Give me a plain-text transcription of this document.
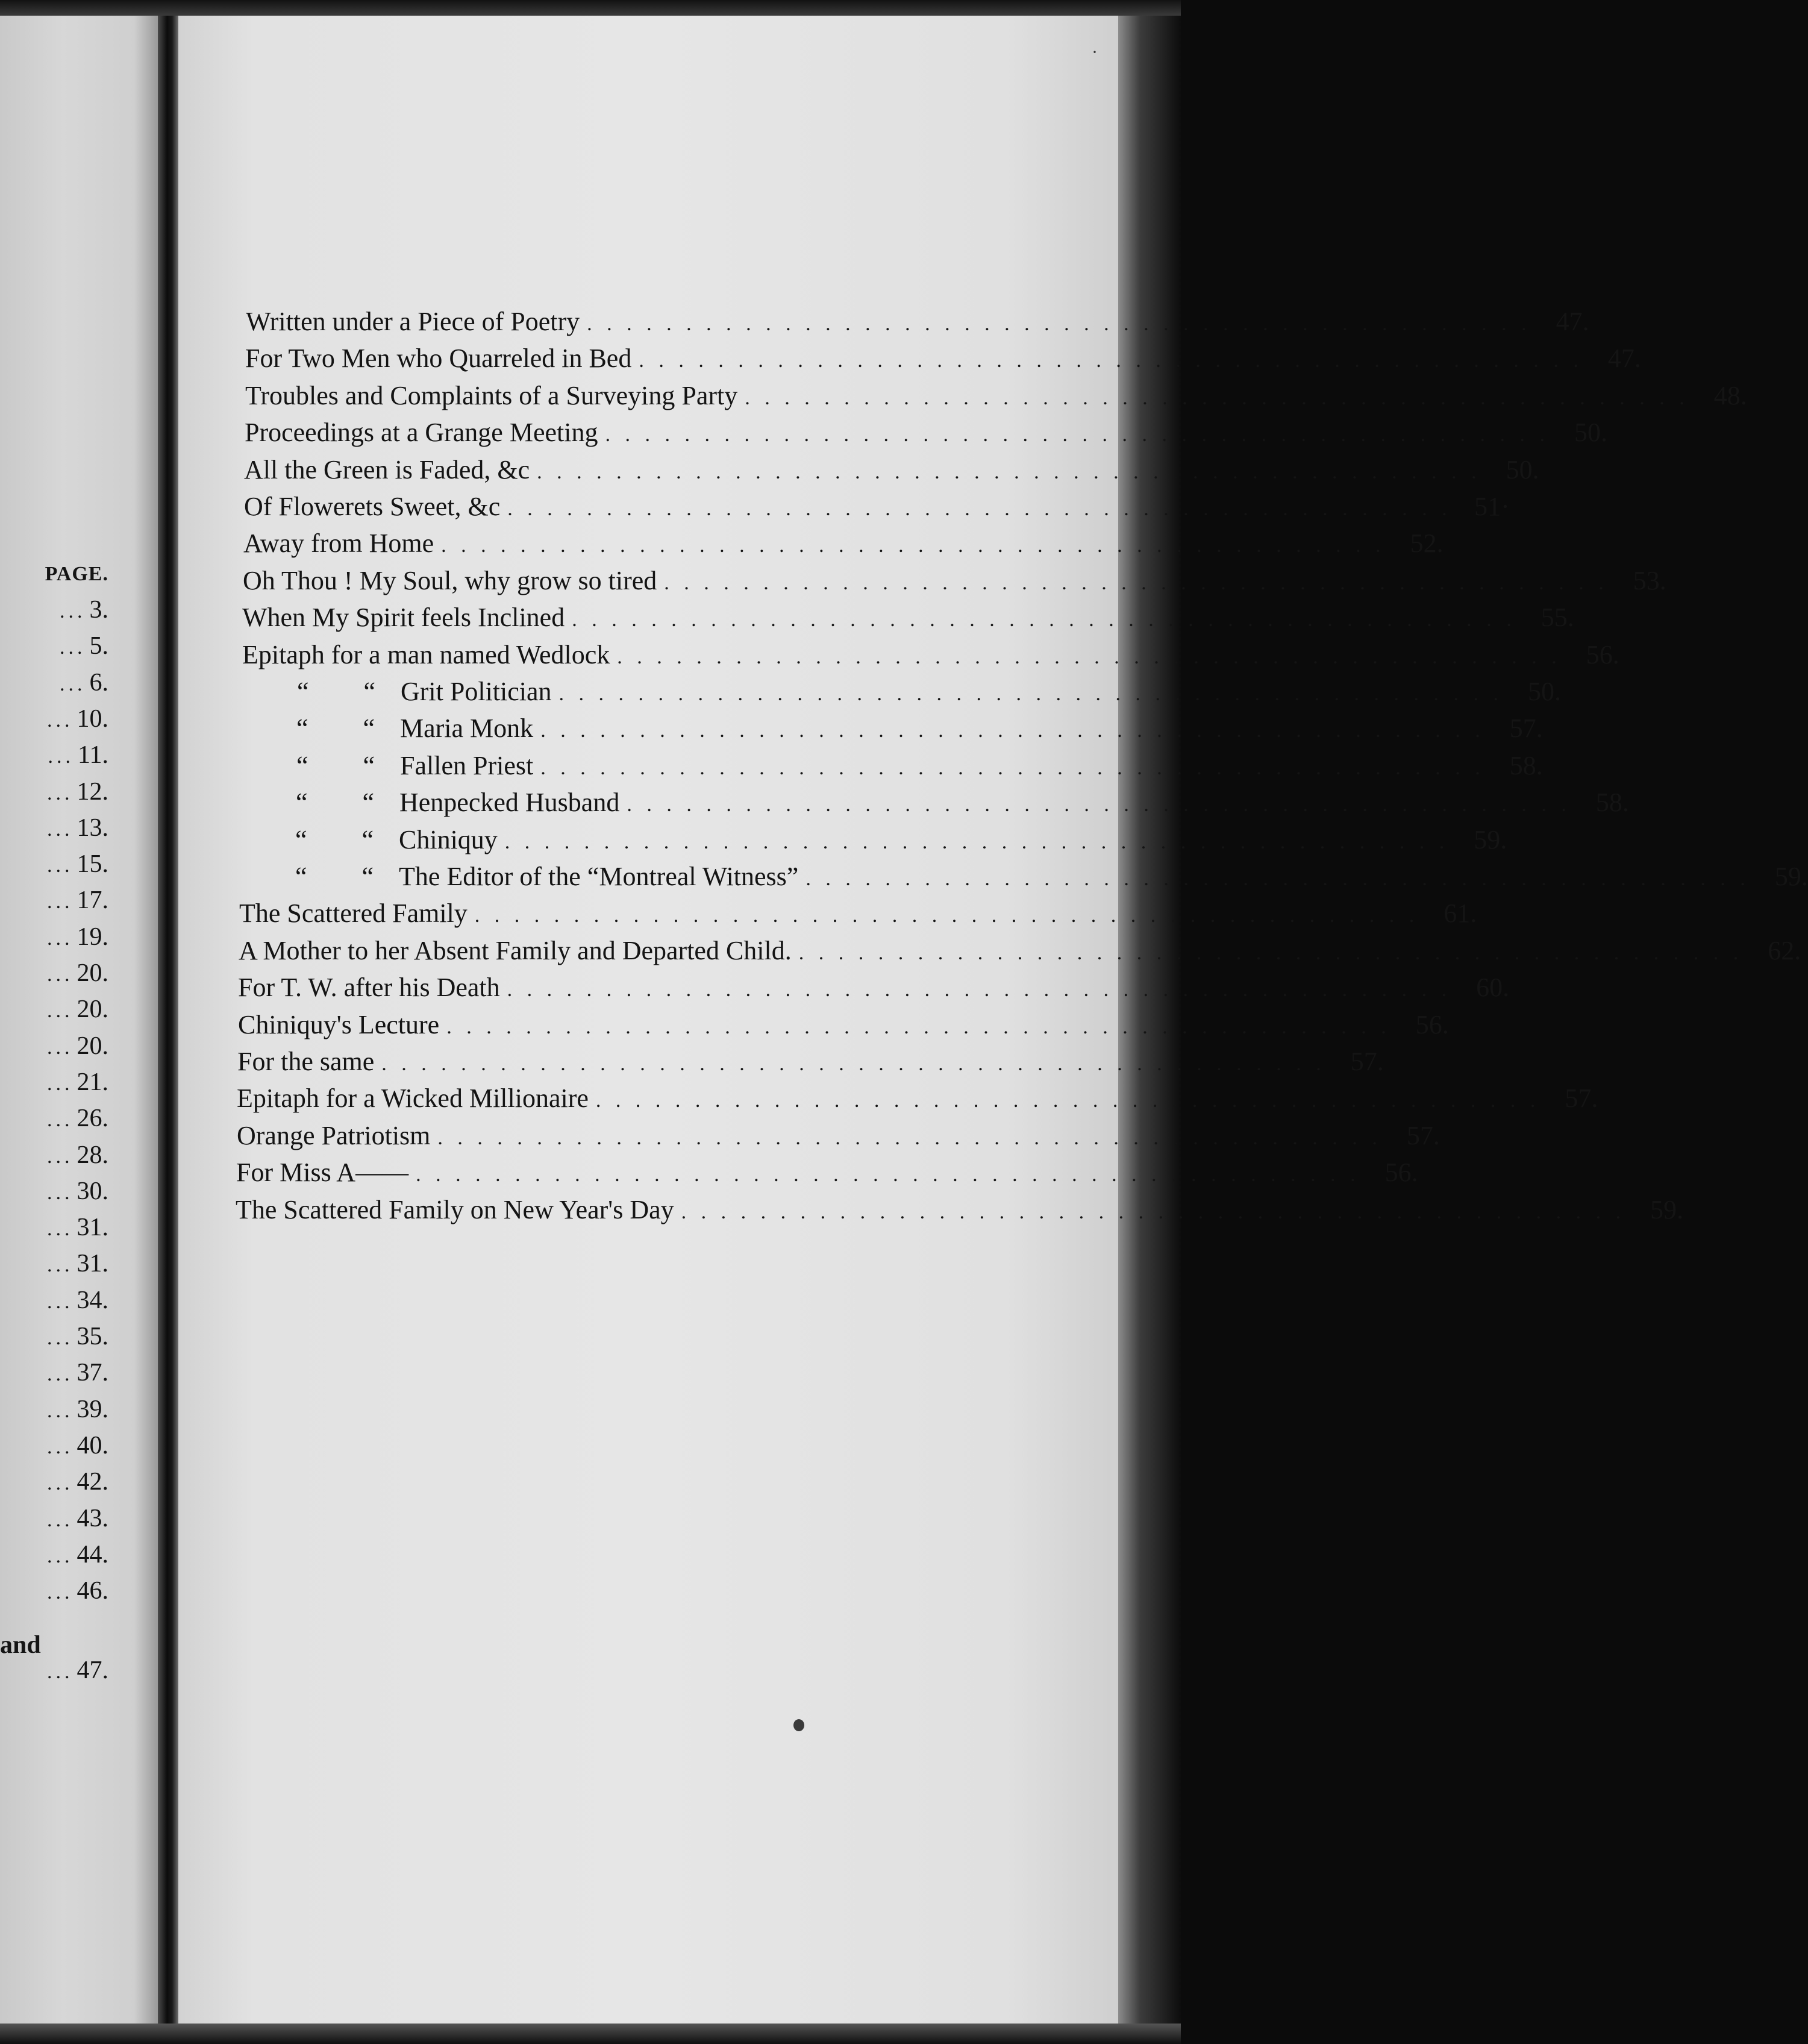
·
PAGE.
... 3.
... 5.
... 6.
... 10.
... 11.
... 12.
... 13.
... 15.
... 17.
... 19.
... 20.
... 20.
... 20.
... 21.
... 26.
... 28.
... 30.
... 31.
... 31.
... 34.
... 35.
... 37.
... 39.
... 40.
... 42.
... 43.
... 44.
... 46.
and
... 47.
Written under a Piece of Poetry . . . . . . . . . . . . . . . . . . . . . . . . . . . . . . . . . . . . . . . . . . . . . . . . 47.
For Two Men who Quarreled in Bed . . . . . . . . . . . . . . . . . . . . . . . . . . . . . . . . . . . . . . . . . . . . . . . . 47.
Troubles and Complaints of a Surveying Party . . . . . . . . . . . . . . . . . . . . . . . . . . . . . . . . . . . . . . . . . . . . . . . . 48.
Proceedings at a Grange Meeting . . . . . . . . . . . . . . . . . . . . . . . . . . . . . . . . . . . . . . . . . . . . . . . . 50.
All the Green is Faded, &c . . . . . . . . . . . . . . . . . . . . . . . . . . . . . . . . . . . . . . . . . . . . . . . . 50.
Of Flowerets Sweet, &c . . . . . . . . . . . . . . . . . . . . . . . . . . . . . . . . . . . . . . . . . . . . . . . . 51·
Away from Home . . . . . . . . . . . . . . . . . . . . . . . . . . . . . . . . . . . . . . . . . . . . . . . . 52.
Oh Thou ! My Soul, why grow so tired . . . . . . . . . . . . . . . . . . . . . . . . . . . . . . . . . . . . . . . . . . . . . . . . 53.
When My Spirit feels Inclined . . . . . . . . . . . . . . . . . . . . . . . . . . . . . . . . . . . . . . . . . . . . . . . . 55.
Epitaph for a man named Wedlock . . . . . . . . . . . . . . . . . . . . . . . . . . . . . . . . . . . . . . . . . . . . . . . . 56.
“ “ Grit Politician . . . . . . . . . . . . . . . . . . . . . . . . . . . . . . . . . . . . . . . . . . . . . . . . 50.
“ “ Maria Monk . . . . . . . . . . . . . . . . . . . . . . . . . . . . . . . . . . . . . . . . . . . . . . . . 57.
“ “ Fallen Priest . . . . . . . . . . . . . . . . . . . . . . . . . . . . . . . . . . . . . . . . . . . . . . . . 58.
“ “ Henpecked Husband . . . . . . . . . . . . . . . . . . . . . . . . . . . . . . . . . . . . . . . . . . . . . . . . 58.
“ “ Chiniquy . . . . . . . . . . . . . . . . . . . . . . . . . . . . . . . . . . . . . . . . . . . . . . . . 59.
“ “ The Editor of the “Montreal Witness” . . . . . . . . . . . . . . . . . . . . . . . . . . . . . . . . . . . . . . . . . . . . . . . . 59.
The Scattered Family . . . . . . . . . . . . . . . . . . . . . . . . . . . . . . . . . . . . . . . . . . . . . . . . 61.
A Mother to her Absent Family and Departed Child. . . . . . . . . . . . . . . . . . . . . . . . . . . . . . . . . . . . . . . . . . . . . . . . . 62.
For T. W. after his Death . . . . . . . . . . . . . . . . . . . . . . . . . . . . . . . . . . . . . . . . . . . . . . . . 60.
Chiniquy's Lecture . . . . . . . . . . . . . . . . . . . . . . . . . . . . . . . . . . . . . . . . . . . . . . . . 56.
For the same . . . . . . . . . . . . . . . . . . . . . . . . . . . . . . . . . . . . . . . . . . . . . . . . 57.
Epitaph for a Wicked Millionaire . . . . . . . . . . . . . . . . . . . . . . . . . . . . . . . . . . . . . . . . . . . . . . . . 57.
Orange Patriotism . . . . . . . . . . . . . . . . . . . . . . . . . . . . . . . . . . . . . . . . . . . . . . . . 57.
For Miss A—— . . . . . . . . . . . . . . . . . . . . . . . . . . . . . . . . . . . . . . . . . . . . . . . . 56.
The Scattered Family on New Year's Day . . . . . . . . . . . . . . . . . . . . . . . . . . . . . . . . . . . . . . . . . . . . . . . . 59.
